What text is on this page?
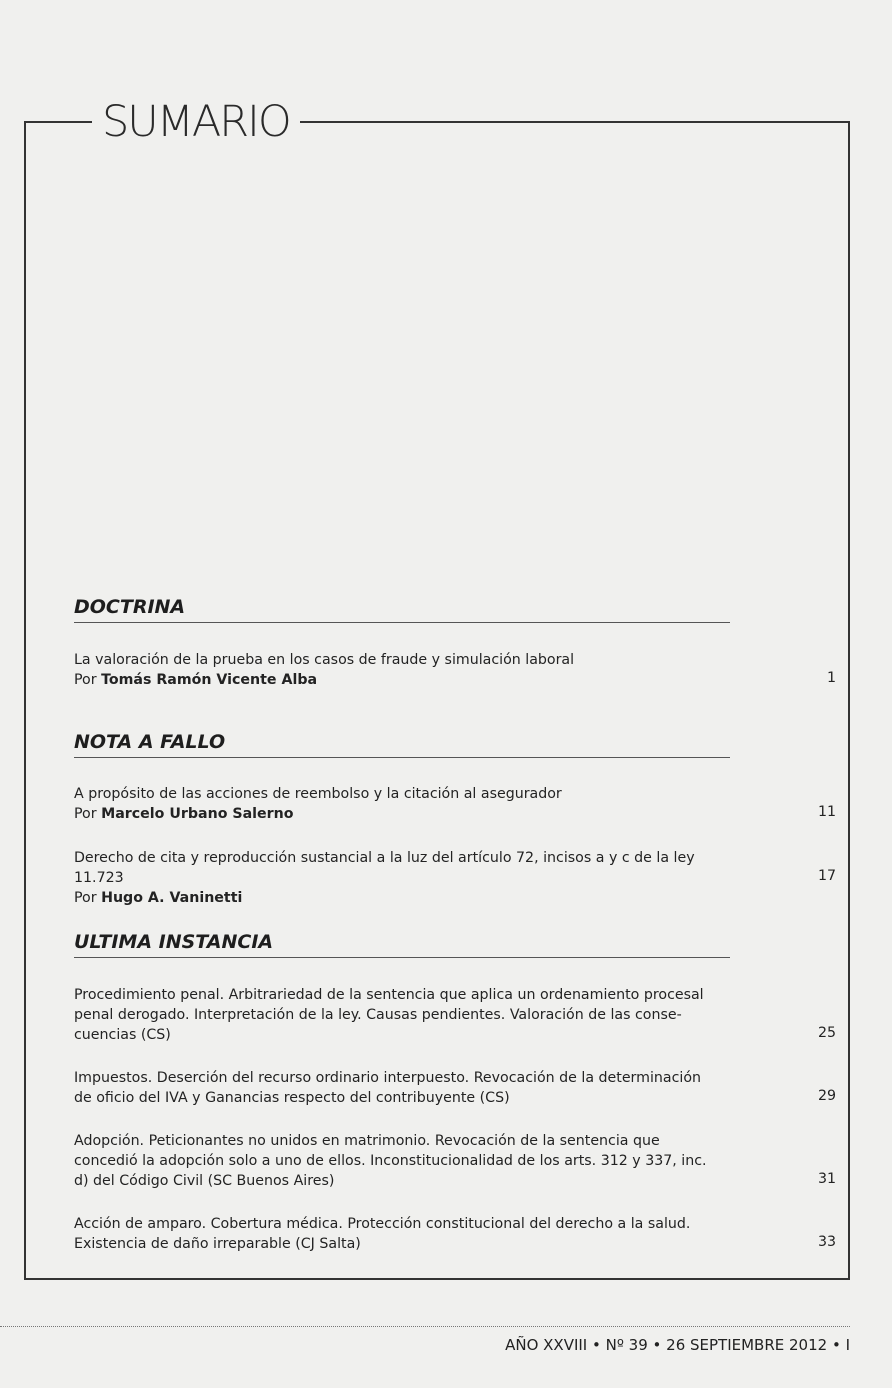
SUMARIO
DOCTRINA
La valoración de la prueba en los casos de fraude y simulación laboral
Por Tomás Ramón Vicente Alba	1
NOTA A FALLO
A propósito de las acciones de reembolso y la citación al asegurador
Por Marcelo Urbano Salerno	11
Derecho de cita y reproducción sustancial a la luz del artículo 72, incisos a y c de la ley 11.723
Por Hugo A. Vaninetti
17
ULTIMA INSTANCIA
Procedimiento penal. Arbitrariedad de la sentencia que aplica un ordenamiento procesal
penal derogado. Interpretación de la ley. Causas pendientes. Valoración de las conse-
cuencias (CS)	25
Impuestos. Deserción del recurso ordinario interpuesto. Revocación de la determinación
de oficio del IVA y Ganancias respecto del contribuyente (CS)	29
Adopción. Peticionantes no unidos en matrimonio. Revocación de la sentencia que
concedió la adopción solo a uno de ellos. Inconstitucionalidad de los arts. 312 y 337, inc.
d) del Código Civil (SC Buenos Aires)	31
Acción de amparo. Cobertura médica. Protección constitucional del derecho a la salud.
Existencia de daño irreparable (CJ Salta)	33
AÑO XXVIII • Nº 39 • 26 SEPTIEMBRE 2012 • I
